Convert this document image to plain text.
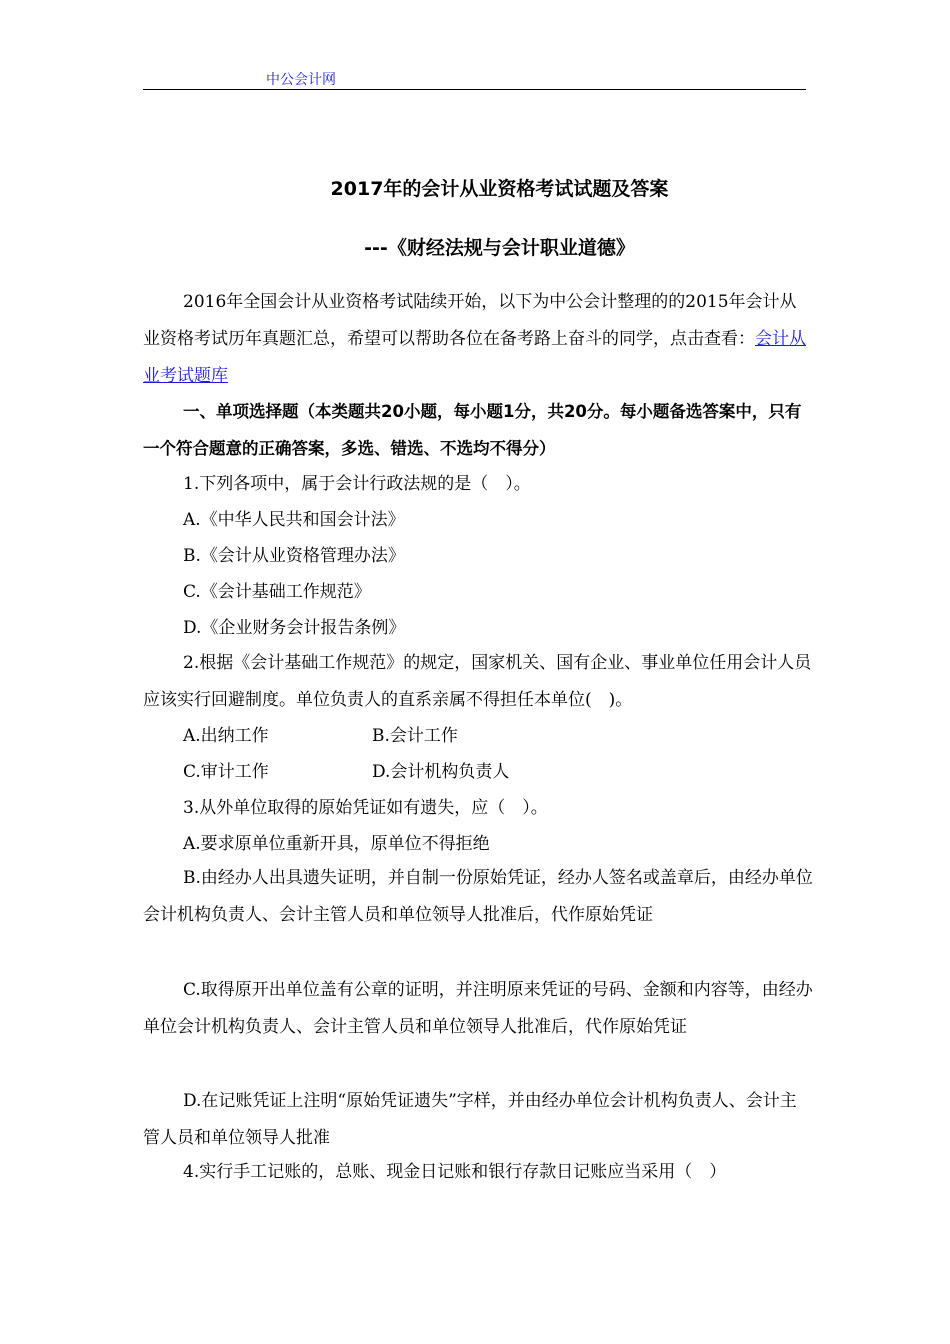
中公会计网
2017年的会计从业资格考试试题及答案
---《财经法规与会计职业道德》

2016年全国会计从业资格考试陆续开始，以下为中公会计整理的的2015年会计从业资格考试历年真题汇总，希望可以帮助各位在备考路上奋斗的同学，点击查看：会计从业考试题库

一、单项选择题（本类题共20小题，每小题1分，共20分。每小题备选答案中，只有一个符合题意的正确答案，多选、错选、不选均不得分）

1.下列各项中，属于会计行政法规的是（　）。

A.《中华人民共和国会计法》

B.《会计从业资格管理办法》

C.《会计基础工作规范》

D.《企业财务会计报告条例》

2.根据《会计基础工作规范》的规定，国家机关、国有企业、事业单位任用会计人员应该实行回避制度。单位负责人的直系亲属不得担任本单位(　)。

A.出纳工作	B.会计工作

C.审计工作	D.会计机构负责人

3.从外单位取得的原始凭证如有遗失，应（　）。

A.要求原单位重新开具，原单位不得拒绝

B.由经办人出具遗失证明，并自制一份原始凭证，经办人签名或盖章后，由经办单位会计机构负责人、会计主管人员和单位领导人批准后，代作原始凭证

C.取得原开出单位盖有公章的证明，并注明原来凭证的号码、金额和内容等，由经办单位会计机构负责人、会计主管人员和单位领导人批准后，代作原始凭证

D.在记账凭证上注明“原始凭证遗失”字样，并由经办单位会计机构负责人、会计主管人员和单位领导人批准

4.实行手工记账的，总账、现金日记账和银行存款日记账应当采用（　）
